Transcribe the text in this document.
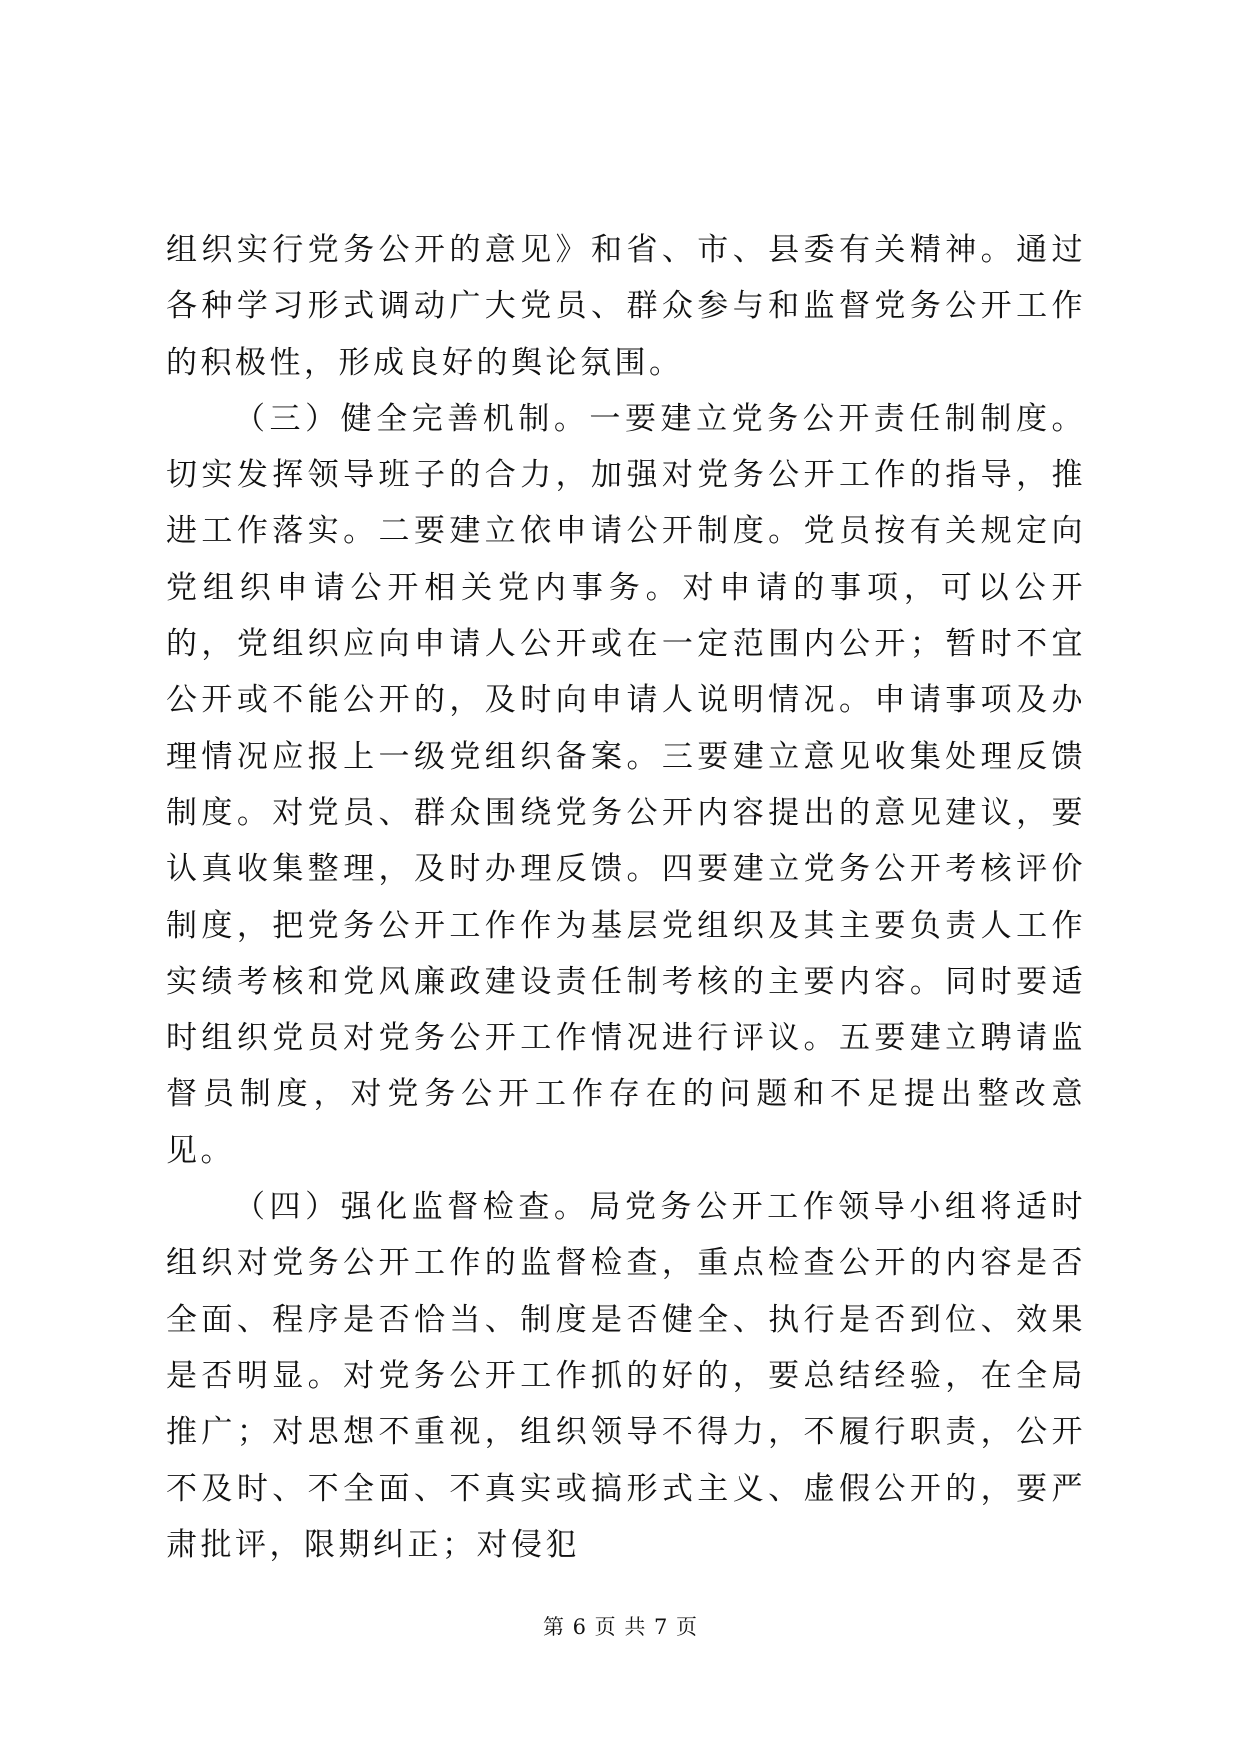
组织实行党务公开的意见》和省、市、县委有关精神。通过各种学习形式调动广大党员、群众参与和监督党务公开工作的积极性，形成良好的舆论氛围。

（三）健全完善机制。一要建立党务公开责任制制度。切实发挥领导班子的合力，加强对党务公开工作的指导，推进工作落实。二要建立依申请公开制度。党员按有关规定向党组织申请公开相关党内事务。对申请的事项，可以公开的，党组织应向申请人公开或在一定范围内公开；暂时不宜公开或不能公开的，及时向申请人说明情况。申请事项及办理情况应报上一级党组织备案。三要建立意见收集处理反馈制度。对党员、群众围绕党务公开内容提出的意见建议，要认真收集整理，及时办理反馈。四要建立党务公开考核评价制度，把党务公开工作作为基层党组织及其主要负责人工作实绩考核和党风廉政建设责任制考核的主要内容。同时要适时组织党员对党务公开工作情况进行评议。五要建立聘请监督员制度，对党务公开工作存在的问题和不足提出整改意见。

（四）强化监督检查。局党务公开工作领导小组将适时组织对党务公开工作的监督检查，重点检查公开的内容是否全面、程序是否恰当、制度是否健全、执行是否到位、效果是否明显。对党务公开工作抓的好的，要总结经验，在全局推广；对思想不重视，组织领导不得力，不履行职责，公开不及时、不全面、不真实或搞形式主义、虚假公开的，要严肃批评，限期纠正；对侵犯

第 6 页 共 7 页
